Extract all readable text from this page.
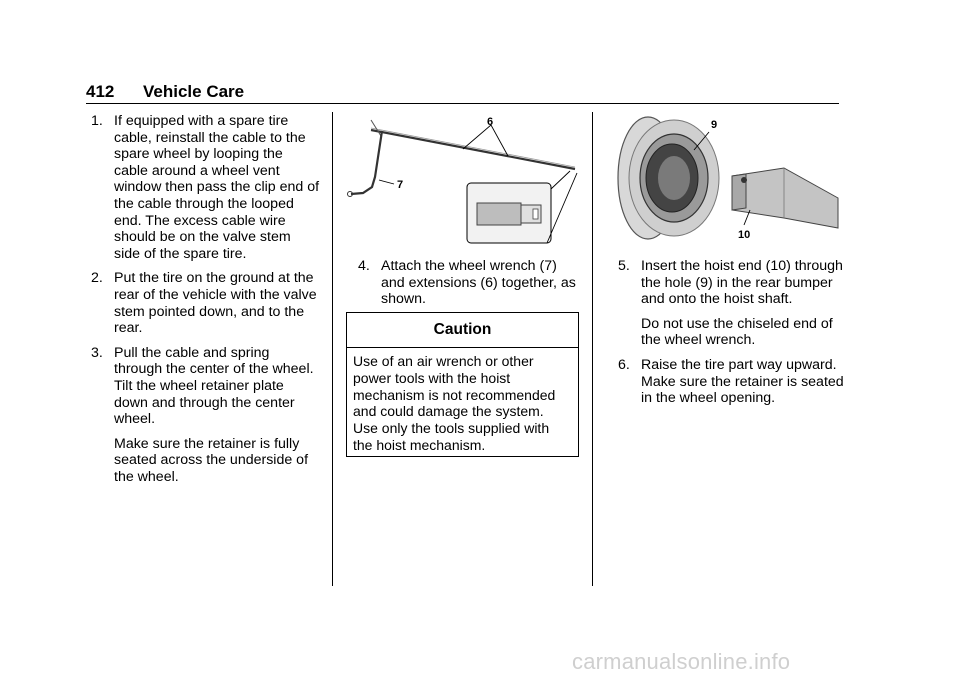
412 Vehicle Care
1. If equipped with a spare tire cable, reinstall the cable to the spare wheel by looping the cable around a wheel vent window then pass the clip end of the cable through the looped end. The excess cable wire should be on the valve stem side of the spare tire.
2. Put the tire on the ground at the rear of the vehicle with the valve stem pointed down, and to the rear.
3. Pull the cable and spring through the center of the wheel. Tilt the wheel retainer plate down and through the center wheel.
Make sure the retainer is fully seated across the underside of the wheel.
6
7
4. Attach the wheel wrench (7) and extensions (6) together, as shown.
Caution
Use of an air wrench or other power tools with the hoist mechanism is not recommended and could damage the system. Use only the tools supplied with the hoist mechanism.
9
10
5. Insert the hoist end (10) through the hole (9) in the rear bumper and onto the hoist shaft.
Do not use the chiseled end of the wheel wrench.
6. Raise the tire part way upward. Make sure the retainer is seated in the wheel opening.
carmanualsonline.info
